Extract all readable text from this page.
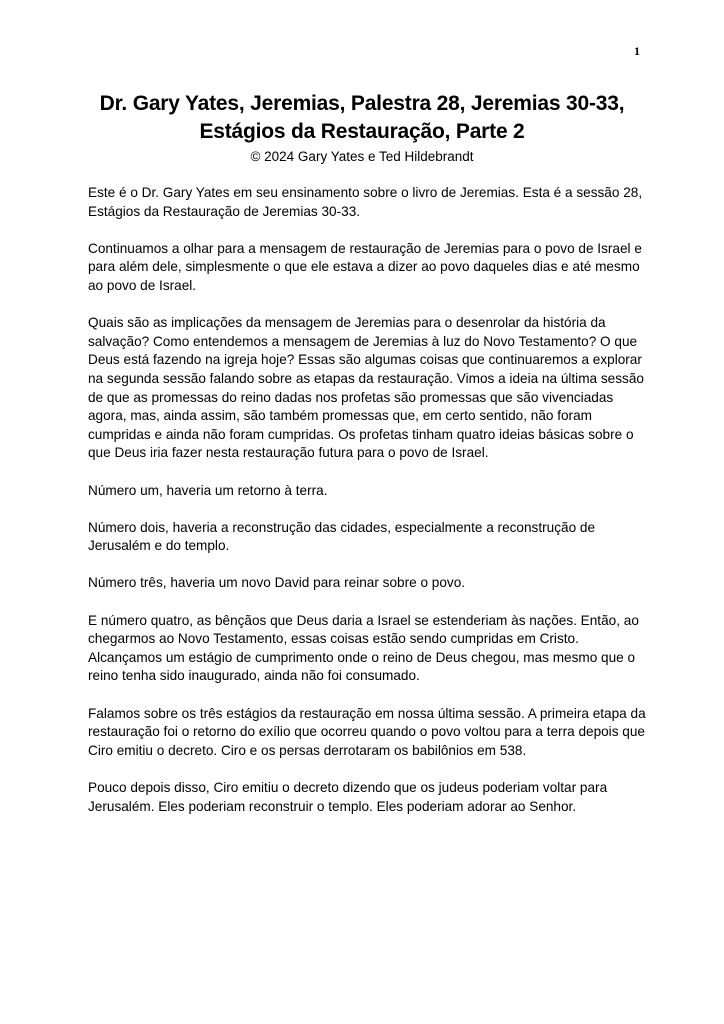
1
Dr. Gary Yates, Jeremias, Palestra 28, Jeremias 30-33,
Estágios da Restauração, Parte 2

© 2024 Gary Yates e Ted Hildebrandt

Este é o Dr. Gary Yates em seu ensinamento sobre o livro de Jeremias. Esta é a sessão 28, Estágios da Restauração de Jeremias 30-33.

Continuamos a olhar para a mensagem de restauração de Jeremias para o povo de Israel e para além dele, simplesmente o que ele estava a dizer ao povo daqueles dias e até mesmo ao povo de Israel.

Quais são as implicações da mensagem de Jeremias para o desenrolar da história da salvação? Como entendemos a mensagem de Jeremias à luz do Novo Testamento? O que Deus está fazendo na igreja hoje? Essas são algumas coisas que continuaremos a explorar na segunda sessão falando sobre as etapas da restauração. Vimos a ideia na última sessão de que as promessas do reino dadas nos profetas são promessas que são vivenciadas agora, mas, ainda assim, são também promessas que, em certo sentido, não foram cumpridas e ainda não foram cumpridas. Os profetas tinham quatro ideias básicas sobre o que Deus iria fazer nesta restauração futura para o povo de Israel.

Número um, haveria um retorno à terra.

Número dois, haveria a reconstrução das cidades, especialmente a reconstrução de Jerusalém e do templo.

Número três, haveria um novo David para reinar sobre o povo.

E número quatro, as bênçãos que Deus daria a Israel se estenderiam às nações. Então, ao chegarmos ao Novo Testamento, essas coisas estão sendo cumpridas em Cristo. Alcançamos um estágio de cumprimento onde o reino de Deus chegou, mas mesmo que o reino tenha sido inaugurado, ainda não foi consumado.

Falamos sobre os três estágios da restauração em nossa última sessão. A primeira etapa da restauração foi o retorno do exílio que ocorreu quando o povo voltou para a terra depois que Ciro emitiu o decreto. Ciro e os persas derrotaram os babilônios em 538.

Pouco depois disso, Ciro emitiu o decreto dizendo que os judeus poderiam voltar para Jerusalém. Eles poderiam reconstruir o templo. Eles poderiam adorar ao Senhor.
